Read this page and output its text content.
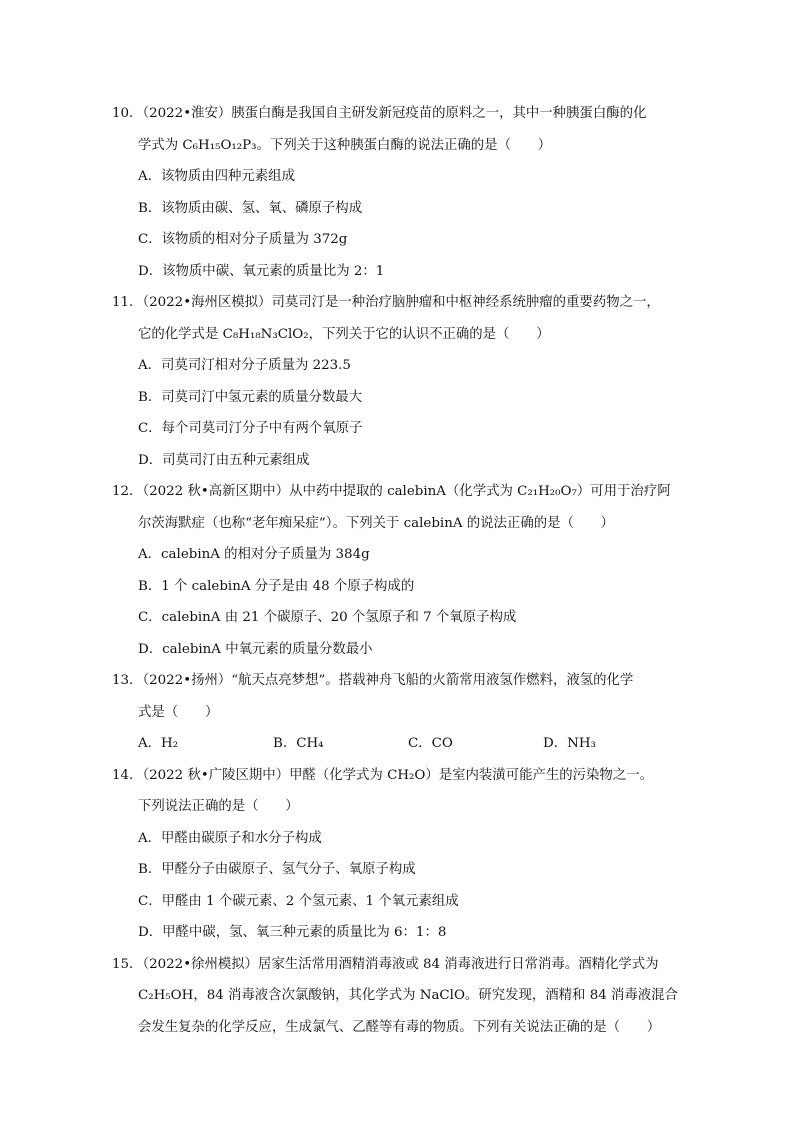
10．（2022•淮安）胰蛋白酶是我国自主研发新冠疫苗的原料之一，其中一种胰蛋白酶的化
学式为 C₆H₁₅O₁₂P₃。下列关于这种胰蛋白酶的说法正确的是（　　）
A．该物质由四种元素组成
B．该物质由碳、氢、氧、磷原子构成
C．该物质的相对分子质量为 372g
D．该物质中碳、氧元素的质量比为 2：1
11．（2022•海州区模拟）司莫司汀是一种治疗脑肿瘤和中枢神经系统肿瘤的重要药物之一，
它的化学式是 C₈H₁₈N₃ClO₂，下列关于它的认识不正确的是（　　）
A．司莫司汀相对分子质量为 223.5
B．司莫司汀中氢元素的质量分数最大
C．每个司莫司汀分子中有两个氧原子
D．司莫司汀由五种元素组成
12．（2022 秋•高新区期中）从中药中提取的 calebinA（化学式为 C₂₁H₂₀O₇）可用于治疗阿
尔茨海默症（也称“老年痴呆症”）。下列关于 calebinA 的说法正确的是（　　）
A．calebinA 的相对分子质量为 384g
B．1 个 calebinA 分子是由 48 个原子构成的
C．calebinA 由 21 个碳原子、20 个氢原子和 7 个氧原子构成
D．calebinA 中氧元素的质量分数最小
13．（2022•扬州）“航天点亮梦想”。搭载神舟飞船的火箭常用液氢作燃料，液氢的化学
式是（　　）
A．H₂	B．CH₄	C．CO	D．NH₃
14．（2022 秋•广陵区期中）甲醛（化学式为 CH₂O）是室内装潢可能产生的污染物之一。
下列说法正确的是（　　）
A．甲醛由碳原子和水分子构成
B．甲醛分子由碳原子、氢气分子、氧原子构成
C．甲醛由 1 个碳元素、2 个氢元素、1 个氧元素组成
D．甲醛中碳，氢、氧三种元素的质量比为 6：1：8
15．（2022•徐州模拟）居家生活常用酒精消毒液或 84 消毒液进行日常消毒。酒精化学式为
C₂H₅OH，84 消毒液含次氯酸钠，其化学式为 NaClO。研究发现，酒精和 84 消毒液混合
会发生复杂的化学反应，生成氯气、乙醛等有毒的物质。下列有关说法正确的是（　　）
